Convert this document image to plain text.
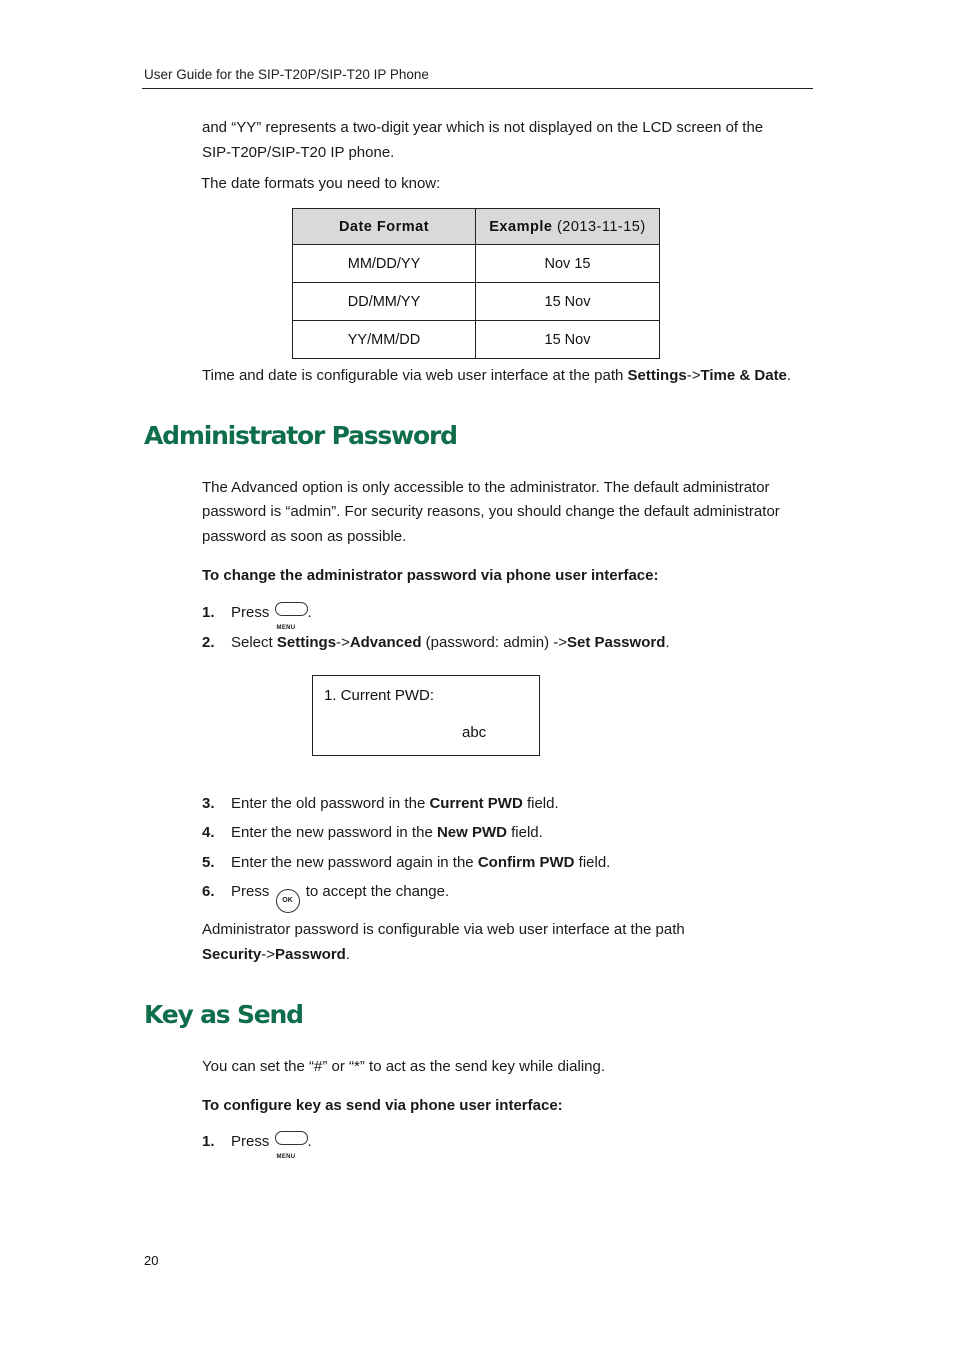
User Guide for the SIP-T20P/SIP-T20 IP Phone
and “YY” represents a two-digit year which is not displayed on the LCD screen of the
SIP-T20P/SIP-T20 IP phone.
The date formats you need to know:
Date Format	Example (2013-11-15)
MM/DD/YY	Nov 15
DD/MM/YY	15 Nov
YY/MM/DD	15 Nov
Time and date is configurable via web user interface at the path Settings->Time & Date.
Administrator Password
The Advanced option is only accessible to the administrator. The default administrator
password is “admin”. For security reasons, you should change the default administrator
password as soon as possible.
To change the administrator password via phone user interface:
1. Press
MENU
.
2. Select Settings->Advanced (password: admin) ->Set Password.
1. Current PWD:
abc
3. Enter the old password in the Current PWD field.
4. Enter the new password in the New PWD field.
5. Enter the new password again in the Confirm PWD field.
6. Press OK to accept the change.
Administrator password is configurable via web user interface at the path
Security->Password.
Key as Send
You can set the “#” or “*” to act as the send key while dialing.
To configure key as send via phone user interface:
1. Press
MENU
.
20
